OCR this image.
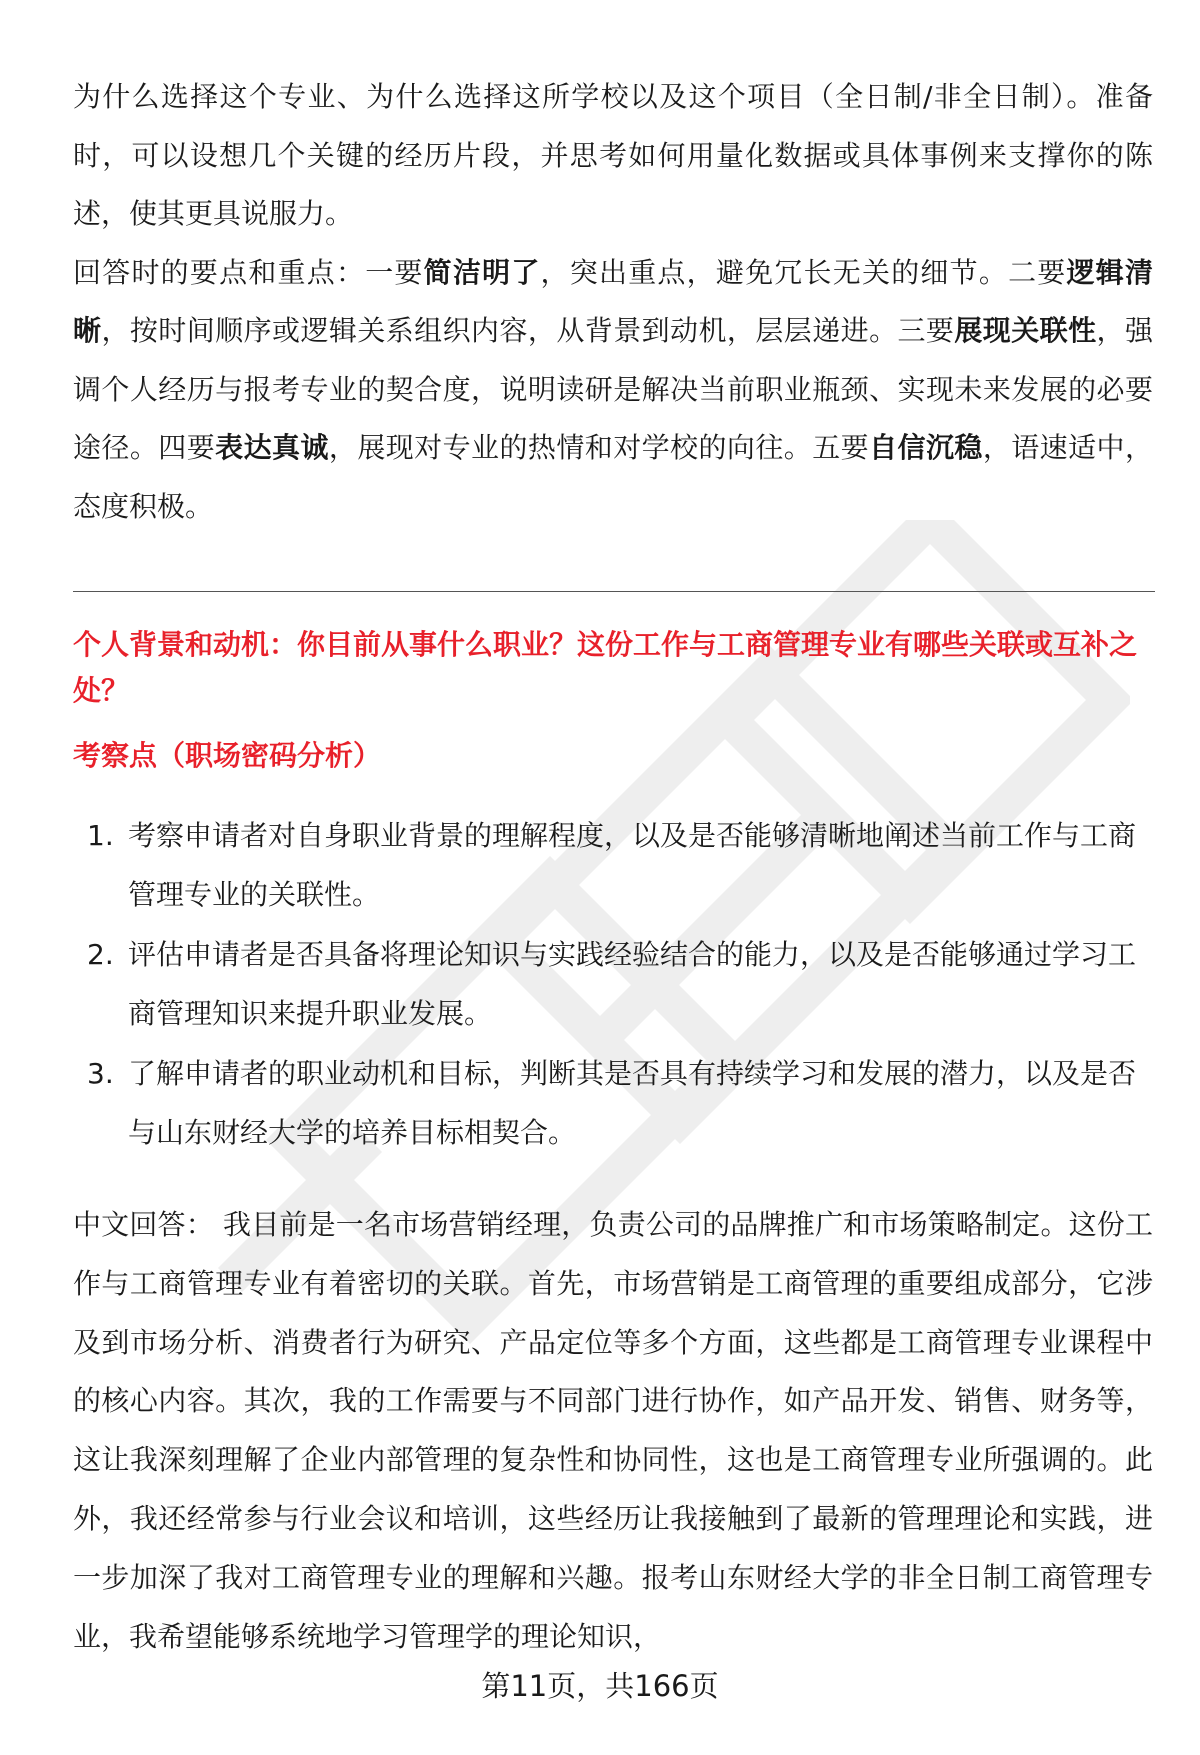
为什么选择这个专业、为什么选择这所学校以及这个项目（全日制/非全日制）。准备时，可以设想几个关键的经历片段，并思考如何用量化数据或具体事例来支撑你的陈述，使其更具说服力。

回答时的要点和重点：一要简洁明了，突出重点，避免冗长无关的细节。二要逻辑清晰，按时间顺序或逻辑关系组织内容，从背景到动机，层层递进。三要展现关联性，强调个人经历与报考专业的契合度，说明读研是解决当前职业瓶颈、实现未来发展的必要途径。四要表达真诚，展现对专业的热情和对学校的向往。五要自信沉稳，语速适中，态度积极。

个人背景和动机：你目前从事什么职业？这份工作与工商管理专业有哪些关联或互补之处？

考察点（职场密码分析）

1. 考察申请者对自身职业背景的理解程度，以及是否能够清晰地阐述当前工作与工商管理专业的关联性。
2. 评估申请者是否具备将理论知识与实践经验结合的能力，以及是否能够通过学习工商管理知识来提升职业发展。
3. 了解申请者的职业动机和目标，判断其是否具有持续学习和发展的潜力，以及是否与山东财经大学的培养目标相契合。

中文回答： 我目前是一名市场营销经理，负责公司的品牌推广和市场策略制定。这份工作与工商管理专业有着密切的关联。首先，市场营销是工商管理的重要组成部分，它涉及到市场分析、消费者行为研究、产品定位等多个方面，这些都是工商管理专业课程中的核心内容。其次，我的工作需要与不同部门进行协作，如产品开发、销售、财务等，这让我深刻理解了企业内部管理的复杂性和协同性，这也是工商管理专业所强调的。此外，我还经常参与行业会议和培训，这些经历让我接触到了最新的管理理论和实践，进一步加深了我对工商管理专业的理解和兴趣。报考山东财经大学的非全日制工商管理专业，我希望能够系统地学习管理学的理论知识，

第11页，共166页
